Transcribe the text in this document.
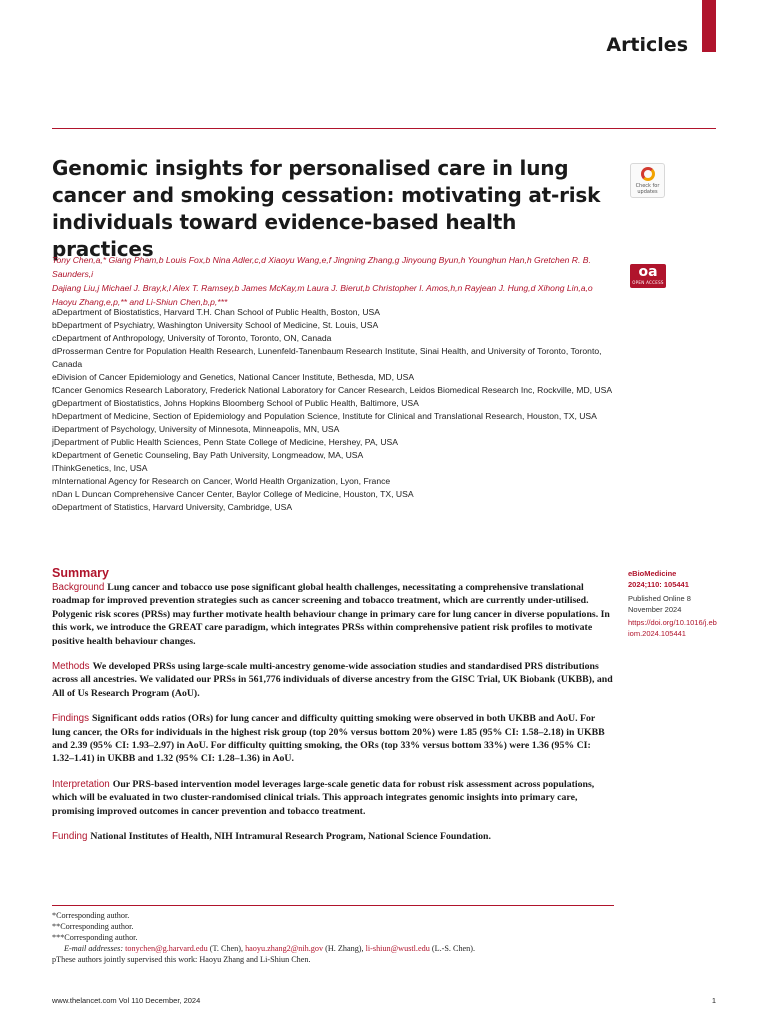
Articles
Genomic insights for personalised care in lung cancer and smoking cessation: motivating at-risk individuals toward evidence-based health practices
Check for updates
oa
OPEN ACCESS
Tony Chen,a,* Giang Pham,b Louis Fox,b Nina Adler,c,d Xiaoyu Wang,e,f Jingning Zhang,g Jinyoung Byun,h Younghun Han,h Gretchen R. B. Saunders,i
Dajiang Liu,j Michael J. Bray,k,l Alex T. Ramsey,b James McKay,m Laura J. Bierut,b Christopher I. Amos,h,n Rayjean J. Hung,d Xihong Lin,a,o
Haoyu Zhang,e,p,** and Li-Shiun Chen,b,p,***
aDepartment of Biostatistics, Harvard T.H. Chan School of Public Health, Boston, USA
bDepartment of Psychiatry, Washington University School of Medicine, St. Louis, USA
cDepartment of Anthropology, University of Toronto, Toronto, ON, Canada
dProsserman Centre for Population Health Research, Lunenfeld-Tanenbaum Research Institute, Sinai Health, and University of Toronto, Toronto, Canada
eDivision of Cancer Epidemiology and Genetics, National Cancer Institute, Bethesda, MD, USA
fCancer Genomics Research Laboratory, Frederick National Laboratory for Cancer Research, Leidos Biomedical Research Inc, Rockville, MD, USA
gDepartment of Biostatistics, Johns Hopkins Bloomberg School of Public Health, Baltimore, USA
hDepartment of Medicine, Section of Epidemiology and Population Science, Institute for Clinical and Translational Research, Houston, TX, USA
iDepartment of Psychology, University of Minnesota, Minneapolis, MN, USA
jDepartment of Public Health Sciences, Penn State College of Medicine, Hershey, PA, USA
kDepartment of Genetic Counseling, Bay Path University, Longmeadow, MA, USA
lThinkGenetics, Inc, USA
mInternational Agency for Research on Cancer, World Health Organization, Lyon, France
nDan L Duncan Comprehensive Cancer Center, Baylor College of Medicine, Houston, TX, USA
oDepartment of Statistics, Harvard University, Cambridge, USA
eBioMedicine
2024;110: 105441
Published Online 8 November 2024
https://doi.org/10.1016/j.ebiom.2024.105441
Summary

Background Lung cancer and tobacco use pose significant global health challenges, necessitating a comprehensive translational roadmap for improved prevention strategies such as cancer screening and tobacco treatment, which are currently under-utilised. Polygenic risk scores (PRSs) may further motivate health behaviour change in primary care for lung cancer in diverse populations. In this work, we introduce the GREAT care paradigm, which integrates PRSs within comprehensive patient risk profiles to motivate positive health behaviour changes.

Methods We developed PRSs using large-scale multi-ancestry genome-wide association studies and standardised PRS distributions across all ancestries. We validated our PRSs in 561,776 individuals of diverse ancestry from the GISC Trial, UK Biobank (UKBB), and All of Us Research Program (AoU).

Findings Significant odds ratios (ORs) for lung cancer and difficulty quitting smoking were observed in both UKBB and AoU. For lung cancer, the ORs for individuals in the highest risk group (top 20% versus bottom 20%) were 1.85 (95% CI: 1.58–2.18) in UKBB and 2.39 (95% CI: 1.93–2.97) in AoU. For difficulty quitting smoking, the ORs (top 33% versus bottom 33%) were 1.36 (95% CI: 1.32–1.41) in UKBB and 1.32 (95% CI: 1.28–1.36) in AoU.

Interpretation Our PRS-based intervention model leverages large-scale genetic data for robust risk assessment across populations, which will be evaluated in two cluster-randomised clinical trials. This approach integrates genomic insights into primary care, promising improved outcomes in cancer prevention and tobacco treatment.

Funding National Institutes of Health, NIH Intramural Research Program, National Science Foundation.

*Corresponding author.
**Corresponding author.
***Corresponding author.
E-mail addresses: tonychen@g.harvard.edu (T. Chen), haoyu.zhang2@nih.gov (H. Zhang), li-shiun@wustl.edu (L.-S. Chen).
pThese authors jointly supervised this work: Haoyu Zhang and Li-Shiun Chen.
www.thelancet.com Vol 110 December, 2024	1
